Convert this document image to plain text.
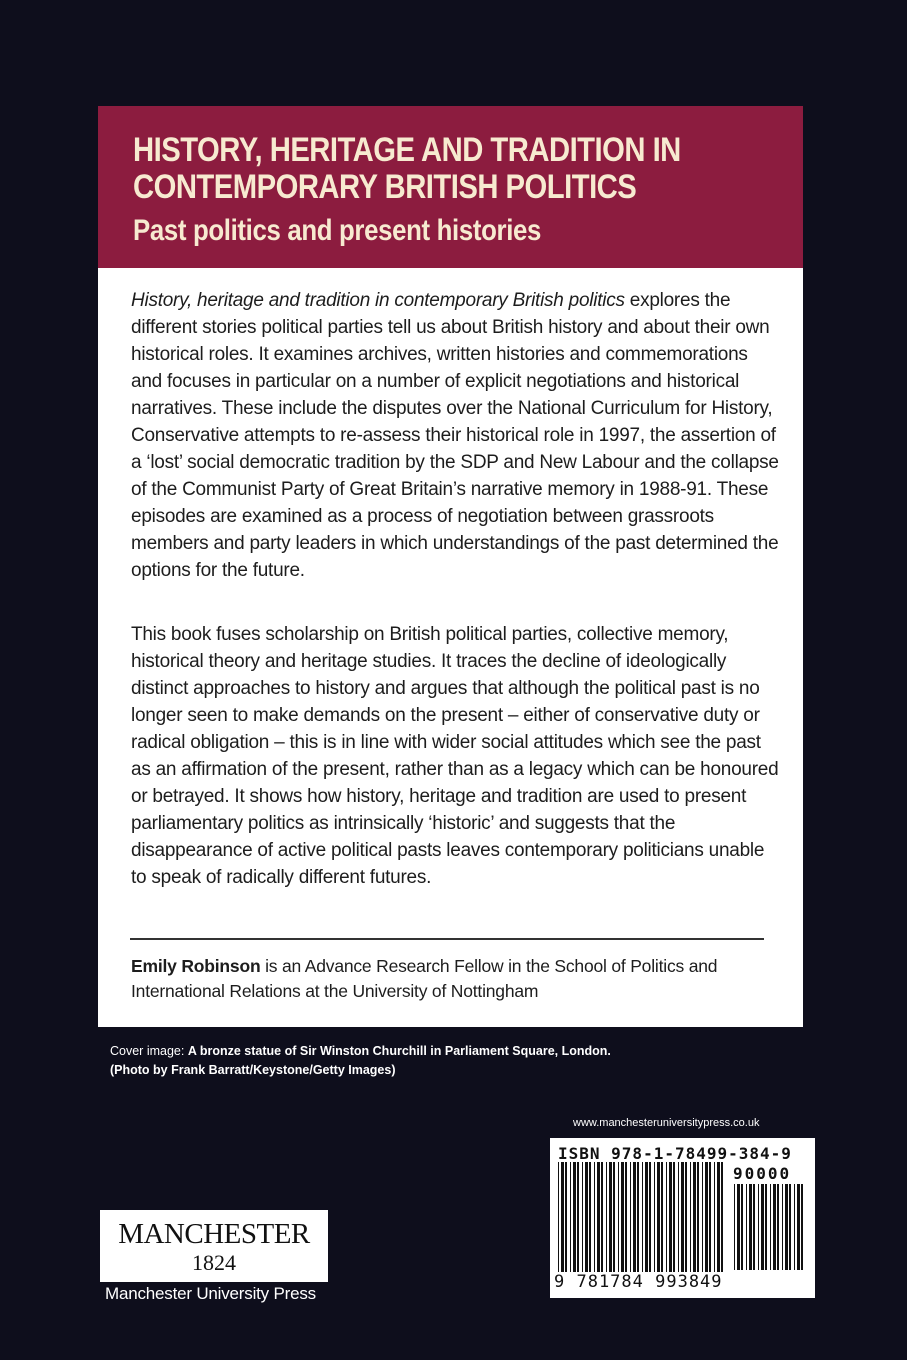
HISTORY, HERITAGE AND TRADITION IN
CONTEMPORARY BRITISH POLITICS
Past politics and present histories
History, heritage and tradition in contemporary British politics explores the different stories political parties tell us about British history and about their own historical roles. It examines archives, written histories and commemorations and focuses in particular on a number of explicit negotiations and historical narratives. These include the disputes over the National Curriculum for History, Conservative attempts to re-assess their historical role in 1997, the assertion of a ‘lost’ social democratic tradition by the SDP and New Labour and the collapse of the Communist Party of Great Britain’s narrative memory in 1988-91. These episodes are examined as a process of negotiation between grassroots members and party leaders in which understandings of the past determined the options for the future.
This book fuses scholarship on British political parties, collective memory, historical theory and heritage studies. It traces the decline of ideologically distinct approaches to history and argues that although the political past is no longer seen to make demands on the present – either of conservative duty or radical obligation – this is in line with wider social attitudes which see the past as an affirmation of the present, rather than as a legacy which can be honoured or betrayed. It shows how history, heritage and tradition are used to present parliamentary politics as intrinsically ‘historic’ and suggests that the disappearance of active political pasts leaves contemporary politicians unable to speak of radically different futures.
Emily Robinson is an Advance Research Fellow in the School of Politics and International Relations at the University of Nottingham
Cover image: A bronze statue of Sir Winston Churchill in Parliament Square, London.
(Photo by Frank Barratt/Keystone/Getty Images)
www.manchesteruniversitypress.co.uk
ISBN 978-1-78499-384-9
90000
9 781784 993849
MANCHESTER
1824
Manchester University Press
